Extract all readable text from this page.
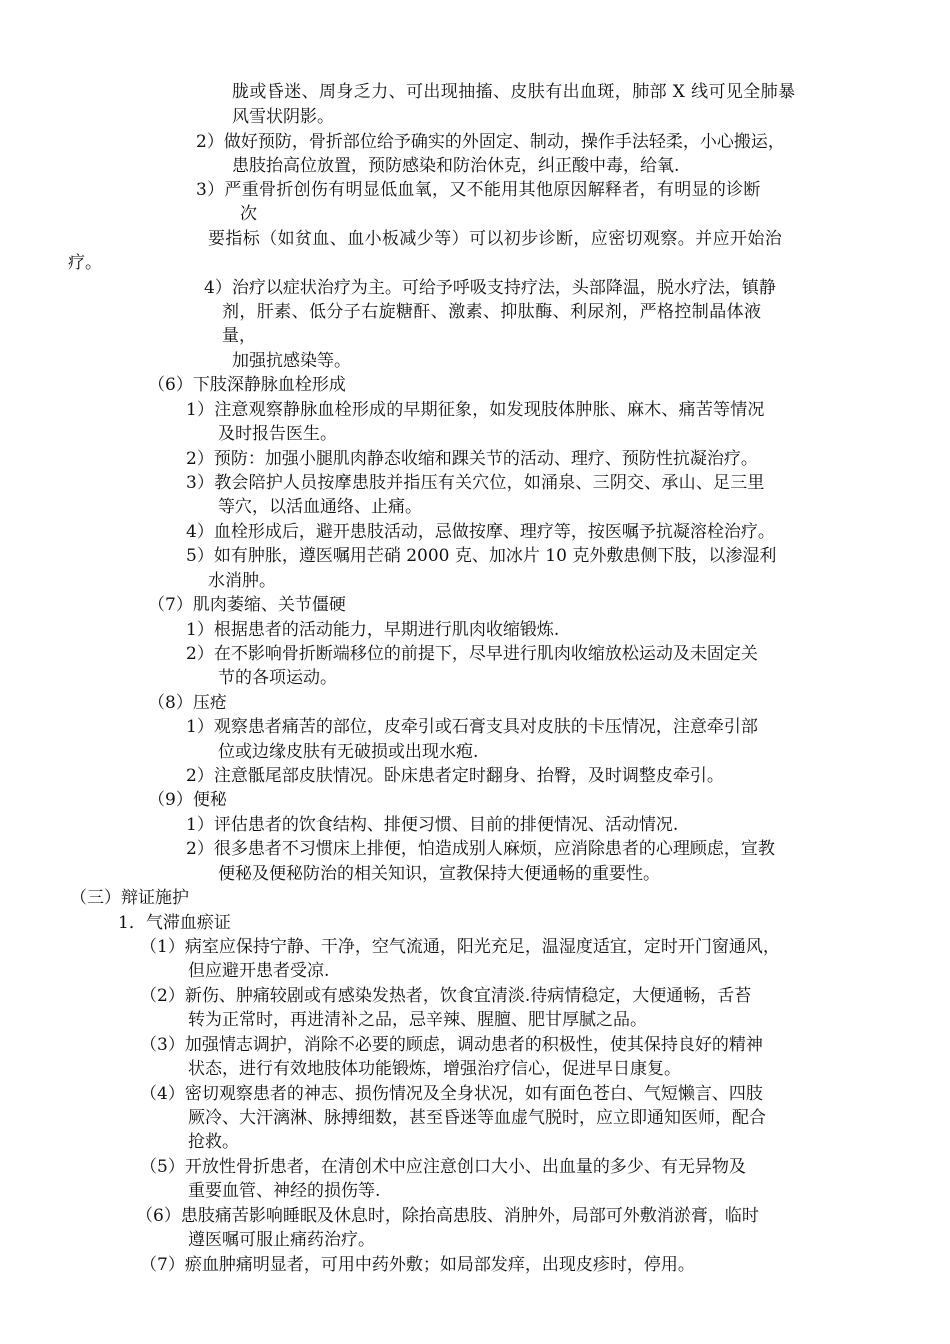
胧或昏迷、周身乏力、可出现抽搐、皮肤有出血斑，肺部 X 线可见全肺暴
风雪状阴影。
2）做好预防，骨折部位给予确实的外固定、制动，操作手法轻柔，小心搬运，
患肢抬高位放置，预防感染和防治休克，纠正酸中毒，给氧.
3）严重骨折创伤有明显低血氧，又不能用其他原因解释者，有明显的诊断
次
要指标（如贫血、血小板减少等）可以初步诊断，应密切观察。并应开始治
疗。
4）治疗以症状治疗为主。可给予呼吸支持疗法，头部降温，脱水疗法，镇静
剂，肝素、低分子右旋糖酐、激素、抑肽酶、利尿剂，严格控制晶体液
量，
加强抗感染等。
（6）下肢深静脉血栓形成
1）注意观察静脉血栓形成的早期征象，如发现肢体肿胀、麻木、痛苦等情况
及时报告医生。
2）预防：加强小腿肌肉静态收缩和踝关节的活动、理疗、预防性抗凝治疗。
3）教会陪护人员按摩患肢并指压有关穴位，如涌泉、三阴交、承山、足三里
等穴，以活血通络、止痛。
4）血栓形成后，避开患肢活动，忌做按摩、理疗等，按医嘱予抗凝溶栓治疗。
5）如有肿胀，遵医嘱用芒硝 2000 克、加冰片 10 克外敷患侧下肢，以渗湿利
水消肿。
（7）肌肉萎缩、关节僵硬
1）根据患者的活动能力，早期进行肌肉收缩锻炼.
2）在不影响骨折断端移位的前提下，尽早进行肌肉收缩放松运动及未固定关
节的各项运动。
（8）压疮
1）观察患者痛苦的部位，皮牵引或石膏支具对皮肤的卡压情况，注意牵引部
位或边缘皮肤有无破损或出现水疱.
2）注意骶尾部皮肤情况。卧床患者定时翻身、抬臀，及时调整皮牵引。
（9）便秘
1）评估患者的饮食结构、排便习惯、目前的排便情况、活动情况.
2）很多患者不习惯床上排便，怕造成别人麻烦，应消除患者的心理顾虑，宣教
便秘及便秘防治的相关知识，宣教保持大便通畅的重要性。
（三）辩证施护
1．气滞血瘀证
（1）病室应保持宁静、干净，空气流通，阳光充足，温湿度适宜，定时开门窗通风，
但应避开患者受凉.
（2）新伤、肿痛较剧或有感染发热者，饮食宜清淡.待病情稳定，大便通畅，舌苔
转为正常时，再进清补之品，忌辛辣、腥膻、肥甘厚腻之品。
（3）加强情志调护，消除不必要的顾虑，调动患者的积极性，使其保持良好的精神
状态，进行有效地肢体功能锻炼，增强治疗信心，促进早日康复。
（4）密切观察患者的神志、损伤情况及全身状况，如有面色苍白、气短懒言、四肢
厥冷、大汗漓淋、脉搏细数，甚至昏迷等血虚气脱时，应立即通知医师，配合
抢救。
（5）开放性骨折患者，在清创术中应注意创口大小、出血量的多少、有无异物及
重要血管、神经的损伤等.
（6）患肢痛苦影响睡眠及休息时，除抬高患肢、消肿外，局部可外敷消淤膏，临时
遵医嘱可服止痛药治疗。
（7）瘀血肿痛明显者，可用中药外敷；如局部发痒，出现皮疹时，停用。
